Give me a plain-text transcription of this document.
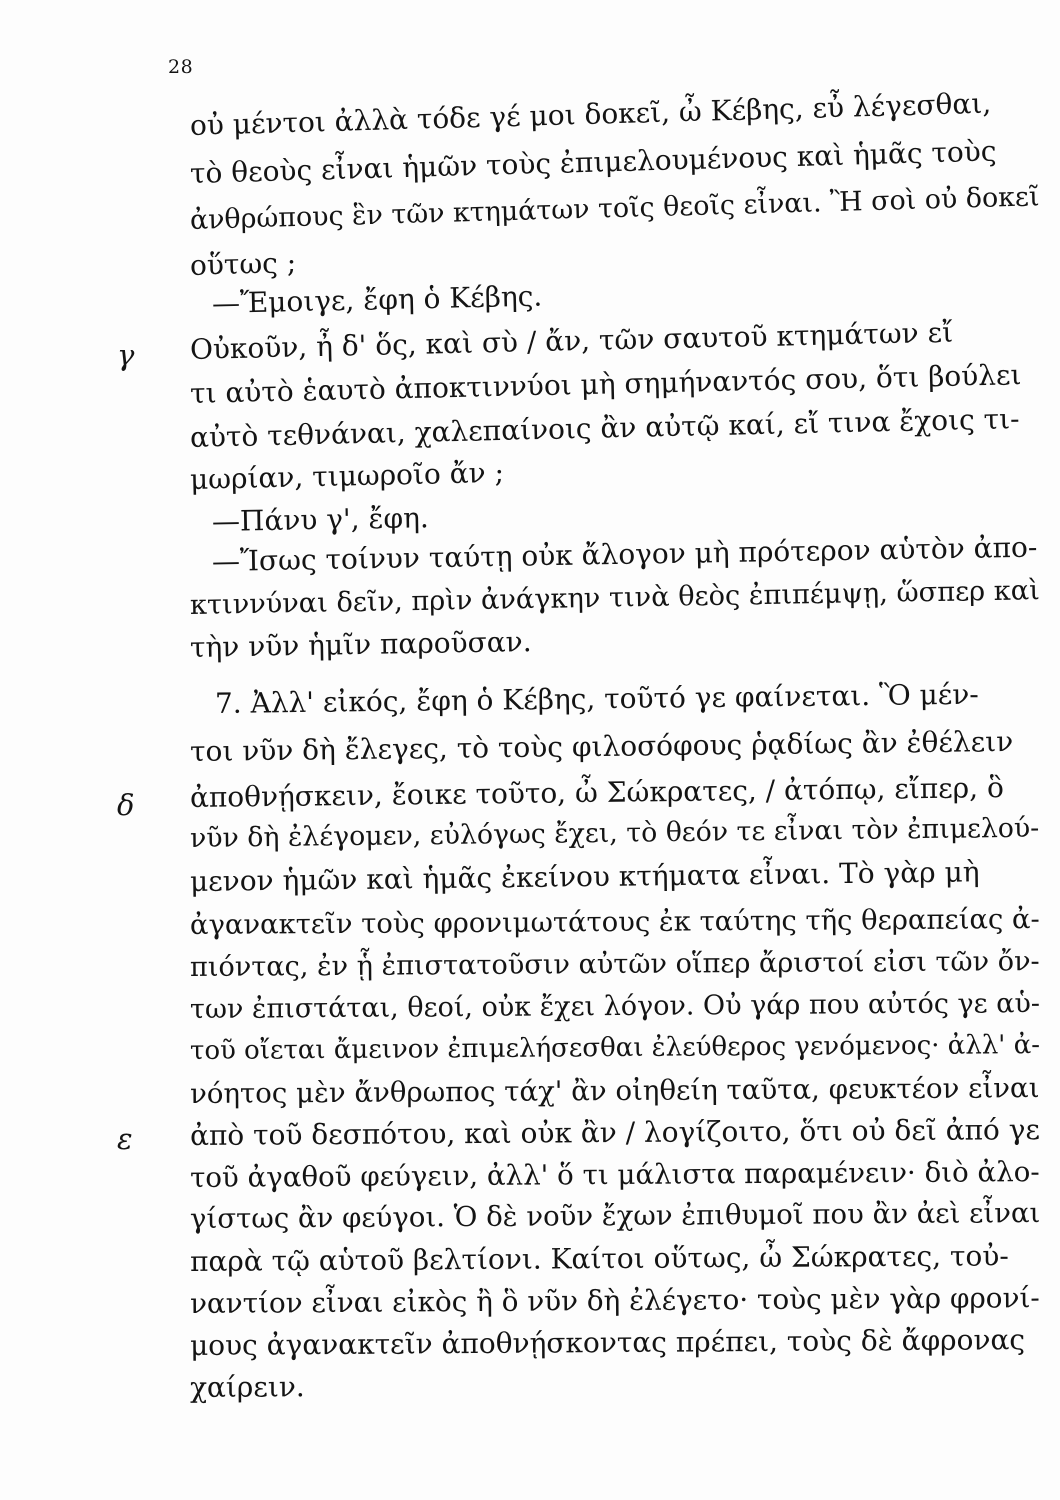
28
γ
δ
ε
οὐ μέντοι ἀλλὰ τόδε γέ μοι δοκεῖ, ὦ Κέβης, εὖ λέγεσθαι,
τὸ θεοὺς εἶναι ἡμῶν τοὺς ἐπιμελουμένους καὶ ἡμᾶς τοὺς
ἀνθρώπους ἓν τῶν κτημάτων τοῖς θεοῖς εἶναι. Ἢ σοὶ οὐ δοκεῖ
οὕτως ;
—Ἔμοιγε, ἔφη ὁ Κέβης.
Οὐκοῦν, ἦ δ' ὅς, καὶ σὺ / ἄν, τῶν σαυτοῦ κτημάτων εἴ
τι αὐτὸ ἑαυτὸ ἀποκτιννύοι μὴ σημήναντός σου, ὅτι βούλει
αὐτὸ τεθνάναι, χαλεπαίνοις ἂν αὐτῷ καί, εἴ τινα ἔχοις τι-
μωρίαν, τιμωροῖο ἄν ;
—Πάνυ γ', ἔφη.
—Ἴσως τοίνυν ταύτῃ οὐκ ἄλογον μὴ πρότερον αὑτὸν ἀπο-
κτιννύναι δεῖν, πρὶν ἀνάγκην τινὰ θεὸς ἐπιπέμψῃ, ὥσπερ καὶ
τὴν νῦν ἡμῖν παροῦσαν.
7. Ἀλλ' εἰκός, ἔφη ὁ Κέβης, τοῦτό γε φαίνεται. Ὃ μέν-
τοι νῦν δὴ ἔλεγες, τὸ τοὺς φιλοσόφους ῥᾳδίως ἂν ἐθέλειν
ἀποθνῄσκειν, ἔοικε τοῦτο, ὦ Σώκρατες, / ἀτόπῳ, εἴπερ, ὃ
νῦν δὴ ἐλέγομεν, εὐλόγως ἔχει, τὸ θεόν τε εἶναι τὸν ἐπιμελού-
μενον ἡμῶν καὶ ἡμᾶς ἐκείνου κτήματα εἶναι. Τὸ γὰρ μὴ
ἀγανακτεῖν τοὺς φρονιμωτάτους ἐκ ταύτης τῆς θεραπείας ἀ-
πιόντας, ἐν ᾗ ἐπιστατοῦσιν αὐτῶν οἵπερ ἄριστοί εἰσι τῶν ὄν-
των ἐπιστάται, θεοί, οὐκ ἔχει λόγον. Οὐ γάρ που αὐτός γε αὑ-
τοῦ οἴεται ἄμεινον ἐπιμελήσεσθαι ἐλεύθερος γενόμενος· ἀλλ' ἀ-
νόητος μὲν ἄνθρωπος τάχ' ἂν οἰηθείη ταῦτα, φευκτέον εἶναι
ἀπὸ τοῦ δεσπότου, καὶ οὐκ ἂν / λογίζοιτο, ὅτι οὐ δεῖ ἀπό γε
τοῦ ἀγαθοῦ φεύγειν, ἀλλ' ὅ τι μάλιστα παραμένειν· διὸ ἀλο-
γίστως ἂν φεύγοι. Ὁ δὲ νοῦν ἔχων ἐπιθυμοῖ που ἂν ἀεὶ εἶναι
παρὰ τῷ αὑτοῦ βελτίονι. Καίτοι οὕτως, ὦ Σώκρατες, τοὐ-
ναντίον εἶναι εἰκὸς ἢ ὃ νῦν δὴ ἐλέγετο· τοὺς μὲν γὰρ φρονί-
μους ἀγανακτεῖν ἀποθνῄσκοντας πρέπει, τοὺς δὲ ἄφρονας
χαίρειν.
